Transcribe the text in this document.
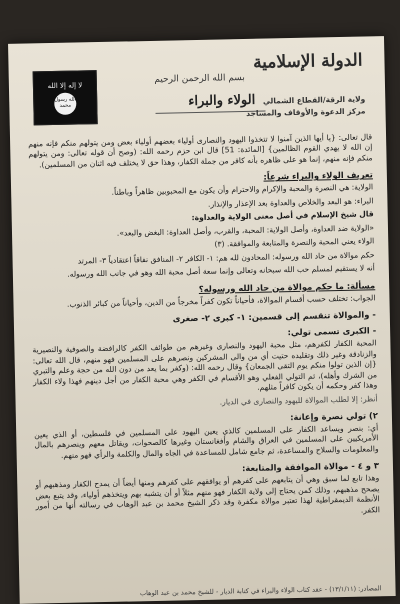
لا إله إلا الله
الله رسول محمد
بسم الله الرحمن الرحيم
الولاء والبراء
الدولة الإسلامية
ولاية الرقة/القطاع الشمالي
مركز الدعوة والأوقاف والمساجد

قال تعالى: {يا أيها الذين آمنوا لا تتخذوا اليهود والنصارى أولياء بعضهم أولياء بعض ومن يتولهم منكم فإنه منهم إن الله لا يهدي القوم الظالمين} [المائدة: 51] قال ابن حزم رحمه الله: (وصح أن قوله تعالى: ومن يتولهم منكم فإنه منهم، إنما هو على ظاهره بأنه كافر من جملة الكفار، وهذا حق لا يختلف فيه اثنان من المسلمين).

تعريف الولاء والبراء شرعاً:

الولاية: هي النصرة والمحبة والإكرام والاحترام وأن يكون مع المحبوبين ظاهراً وباطناً.

البراء: هو البعد والخلاص والعداوة بعد الإعذار والإنذار.

قال شيخ الإسلام في أصل معنى الولاية والعداوة:

«الولاية ضد العداوة، وأصل الولاية: المحبة، والقرب، وأصل العداوة: البغض والبعد».

الولاء يعني المحبة والنصرة والمتابعة والموافقة. (٣)

حكم موالاة من حاد الله ورسوله: المحادون لله هم: ١- الكافر ٢- المنافق نفاقاً اعتقادياً ٣- المرتد

أنه لا يستقيم لمسلم حب الله سبحانه وتعالى وإنما سعة أصل محبة الله وهو في جانب الله ورسوله.

مسألة: ما حكم موالاة من حاد الله ورسوله؟

الجواب: تختلف حسب أقسام الموالاة، فأحياناً تكون كفراً مخرجاً من الدين، وأحياناً من كبائر الذنوب.

- والموالاة تنقسم إلى قسمين: ١- كبرى ٢- صغرى
- الكبرى تسمى تولي:

المحبة الكفار لكفرهم، مثل محبة اليهود والنصارى وغيرهم من طوائف الكفر كالرافضة والصوفية والنصيرية والزنادقة وغير ذلك وتقليده حتيت أي من والى المشركين ونصرهم على المسلمين فهو منهم، قال الله تعالى: {إن الذين تولوا منكم يوم التقى الجمعان} وقال رحمه الله: (وكفر بما يعد من دون الله من حجة وعلم والتبري من الشرك وأهله)، ثم التولي الفعلي وهو الأقسام في الكفر وهي محبة الكفار من أجل دينهم فهذا ولاء الكفار وهذا كفر وحكمه أن يكون كافراً مثلهم.

أنظر: إلا لطلب الموالاة لليهود والنصارى في الديار.

٢) تولي نصرة وإعانة:

أي: بنصر ويساعد الكفار على المسلمين كالذي يعين اليهود على المسلمين في فلسطين، أو الذي يعين الأمريكيين على المسلمين في العراق والشام وأفغانستان وغيرها كالصحوات، ويقاتل معهم وينصرهم بالمال والمعلومات والسلاح والمساعدة، ثم جامع شامل للمساعدة في الجاه والمال والكلمة والرأي فهو منهم.

٣ و ٤ - موالاة الموافقة والمتابعة:

وهذا تابع لما سبق وهي أن يتابعهم على كفرهم أو يوافقهم على كفرهم ومنها أيضاً أن يمدح الكفار ومذهبهم أو يصحح مذهبهم، وذلك كمن يحتاج إلى ولاية الكفار فهو منهم مثلاً أو أن يتشبه بهم ويتخذهم أولياء، وقد يتبع بعض الأنظمة الديمقراطية لهذا تعتبر موالاة مكفرة وقد ذكر الشيخ محمد بن عبد الوهاب في رسالته أنها من أمور الكفر.

المصادر: (١٣/١/١١) - عقد كتاب الولاء والبراء في كتابة الديار - للشيخ محمد بن عبد الوهاب
